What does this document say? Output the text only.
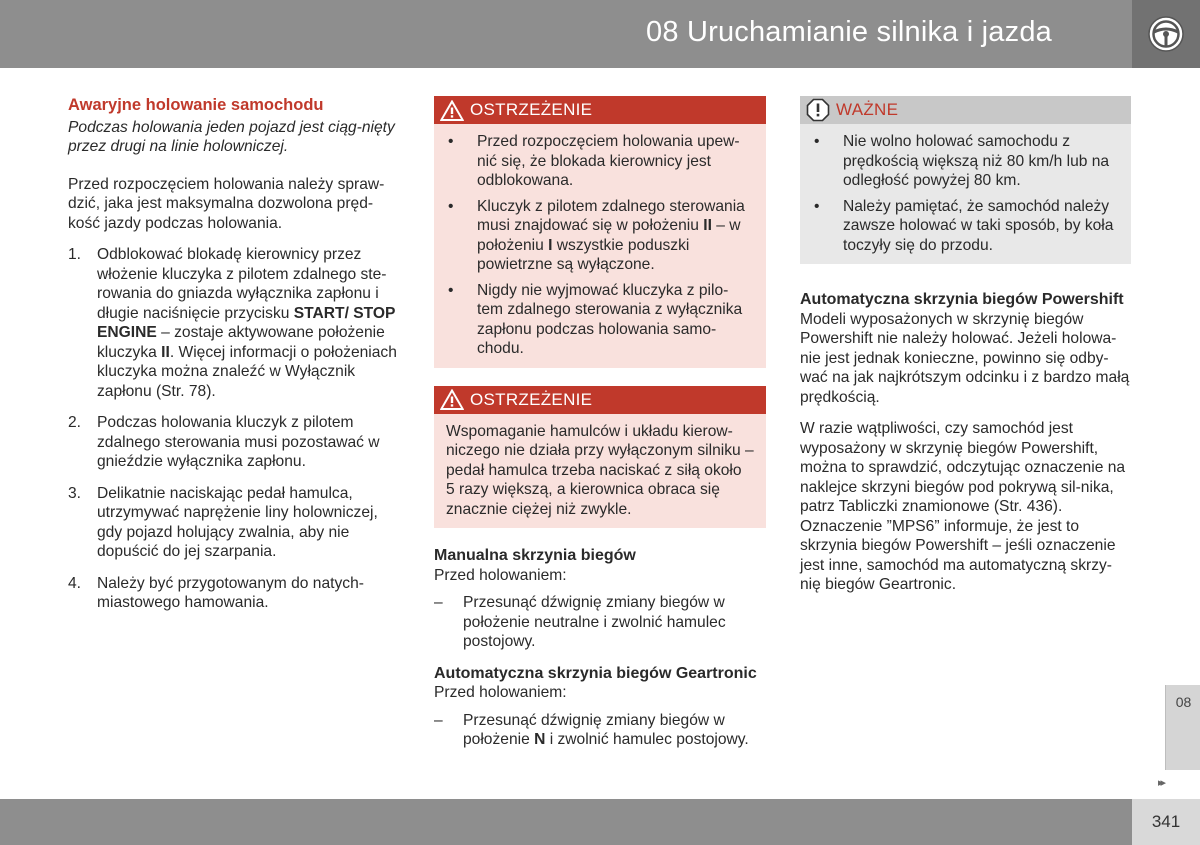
08 Uruchamianie silnika i jazda
Awaryjne holowanie samochodu

Podczas holowania jeden pojazd jest ciąg-nięty przez drugi na linie holowniczej.

Przed rozpoczęciem holowania należy spraw-dzić, jaka jest maksymalna dozwolona pręd-kość jazdy podczas holowania.

1.	Odblokować blokadę kierownicy przez włożenie kluczyka z pilotem zdalnego ste-rowania do gniazda wyłącznika zapłonu i długie naciśnięcie przycisku START/ STOP ENGINE – zostaje aktywowane położenie kluczyka II. Więcej informacji o położeniach kluczyka można znaleźć w Wyłącznik zapłonu (Str. 78).
2.	Podczas holowania kluczyk z pilotem zdalnego sterowania musi pozostawać w gnieździe wyłącznika zapłonu.
3.	Delikatnie naciskając pedał hamulca, utrzymywać naprężenie liny holowniczej, gdy pojazd holujący zwalnia, aby nie dopuścić do jej szarpania.
4.	Należy być przygotowanym do natych-miastowego hamowania.
OSTRZEŻENIE
•	Przed rozpoczęciem holowania upew-nić się, że blokada kierownicy jest odblokowana.
•	Kluczyk z pilotem zdalnego sterowania musi znajdować się w położeniu II – w położeniu I wszystkie poduszki powietrzne są wyłączone.
•	Nigdy nie wyjmować kluczyka z pilo-tem zdalnego sterowania z wyłącznika zapłonu podczas holowania samo-chodu.
OSTRZEŻENIE

Wspomaganie hamulców i układu kierow-niczego nie działa przy wyłączonym silniku – pedał hamulca trzeba naciskać z siłą około 5 razy większą, a kierownica obraca się znacznie ciężej niż zwykle.

Manualna skrzynia biegów

Przed holowaniem:

–	Przesunąć dźwignię zmiany biegów w położenie neutralne i zwolnić hamulec postojowy.
Automatyczna skrzynia biegów Geartronic

Przed holowaniem:

–	Przesunąć dźwignię zmiany biegów w położenie N i zwolnić hamulec postojowy.
WAŻNE
•	Nie wolno holować samochodu z prędkością większą niż 80 km/h lub na odległość powyżej 80 km.
•	Należy pamiętać, że samochód należy zawsze holować w taki sposób, by koła toczyły się do przodu.
Automatyczna skrzynia biegów Powershift

Modeli wyposażonych w skrzynię biegów Powershift nie należy holować. Jeżeli holowa-nie jest jednak konieczne, powinno się odby-wać na jak najkrótszym odcinku i z bardzo małą prędkością.

W razie wątpliwości, czy samochód jest wyposażony w skrzynię biegów Powershift, można to sprawdzić, odczytując oznaczenie na naklejce skrzyni biegów pod pokrywą sil-nika, patrz Tabliczki znamionowe (Str. 436). Oznaczenie ”MPS6” informuje, że jest to skrzynia biegów Powershift – jeśli oznaczenie jest inne, samochód ma automatyczną skrzy-nię biegów Geartronic.

08
▸▸
341
